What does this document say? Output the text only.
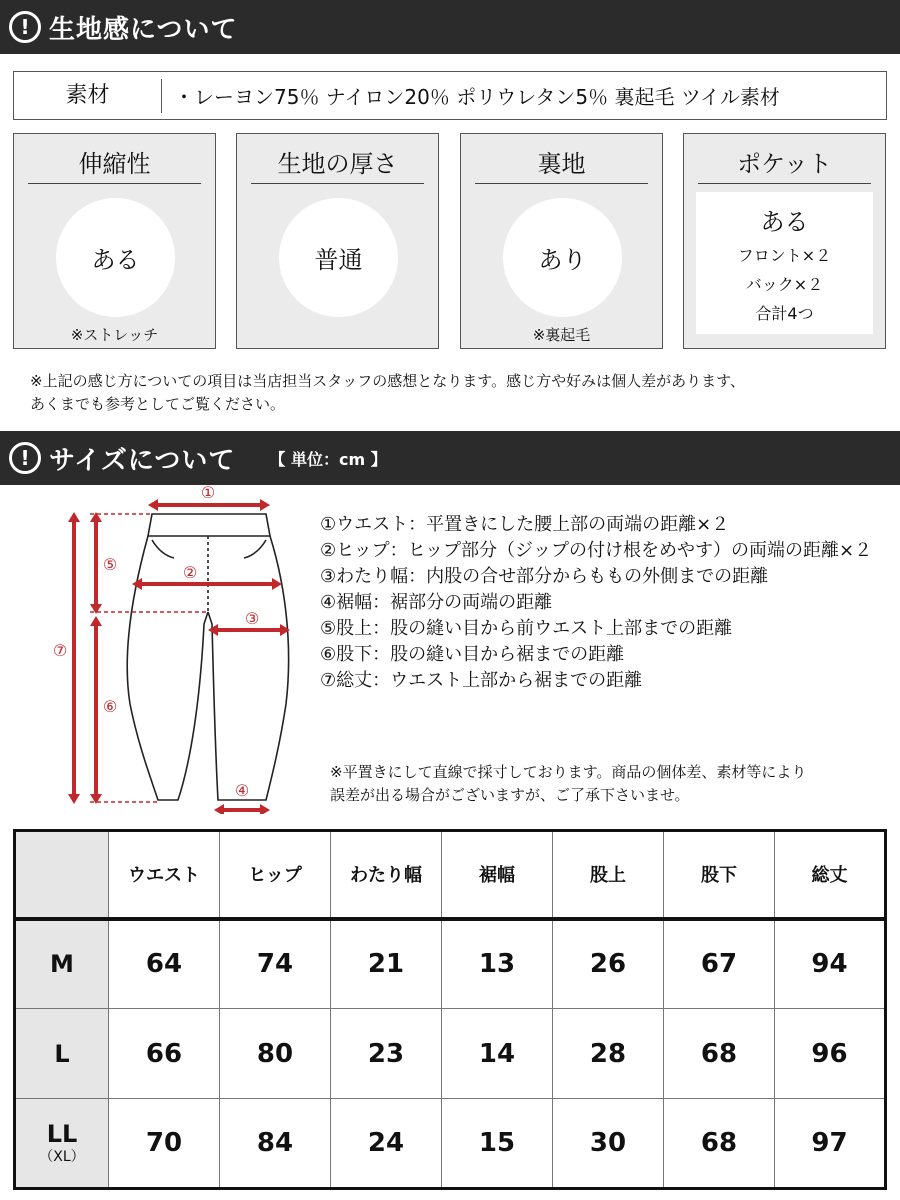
! 生地感について
素材	・レーヨン75％ ナイロン20％ ポリウレタン5％ 裏起毛 ツイル素材
伸縮性
ある
※ストレッチ
生地の厚さ
普通
裏地
あり
※裏起毛
ポケット
ある
フロント×２
バック×２
合計4つ
※上記の感じ方についての項目は当店担当スタッフの感想となります。感じ方や好みは個人差があります、
あくまでも参考としてご覧ください。
! サイズについて 【 単位：cm 】
①
②
③
④
⑤
⑥
⑦
①ウエスト：平置きにした腰上部の両端の距離×２
②ヒップ：ヒップ部分（ジップの付け根をめやす）の両端の距離×２
③わたり幅：内股の合せ部分からももの外側までの距離
④裾幅：裾部分の両端の距離
⑤股上：股の縫い目から前ウエスト上部までの距離
⑥股下：股の縫い目から裾までの距離
⑦総丈：ウエスト上部から裾までの距離
※平置きにして直線で採寸しております。商品の個体差、素材等により
誤差が出る場合がございますが、ご了承下さいませ。
	ウエスト	ヒップ	わたり幅	裾幅	股上	股下	総丈
M	64	74	21	13	26	67	94
L	66	80	23	14	28	68	96
LL
（XL）	70	84	24	15	30	68	97
